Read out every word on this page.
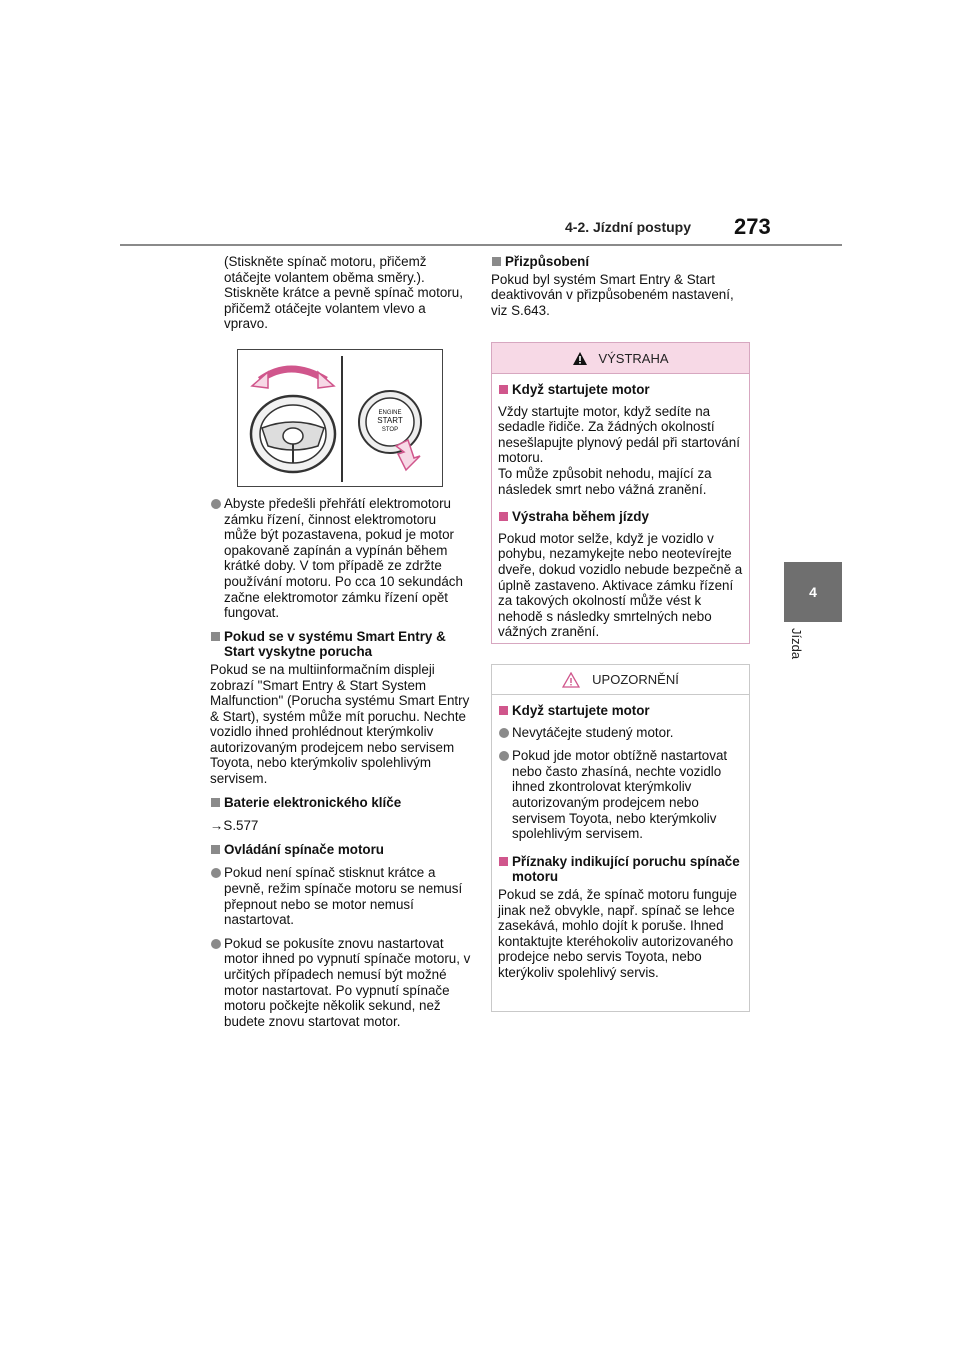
4-2. Jízdní postupy 273
4
Jízda
(Stiskněte spínač motoru, přičemž otáčejte volantem oběma směry.). Stiskněte krátce a pevně spínač motoru, přičemž otáčejte volantem vlevo a vpravo.
ENGINE
START
STOP
Abyste předešli přehřátí elektromotoru zámku řízení, činnost elektromotoru může být pozastavena, pokud je motor opakovaně zapínán a vypínán během krátké doby. V tom případě ze zdržte používání motoru. Po cca 10 sekundách začne elektromotor zámku řízení opět fungovat.
Pokud se v systému Smart Entry & Start vyskytne porucha
Pokud se na multiinformačním displeji zobrazí "Smart Entry & Start System Malfunction" (Porucha systému Smart Entry & Start), systém může mít poruchu. Nechte vozidlo ihned prohlédnout kterýmkoliv autorizovaným prodejcem nebo servisem Toyota, nebo kterýmkoliv spolehlivým servisem.
Baterie elektronického klíče
→S.577
Ovládání spínače motoru
Pokud není spínač stisknut krátce a pevně, režim spínače motoru se nemusí přepnout nebo se motor nemusí nastartovat.
Pokud se pokusíte znovu nastartovat motor ihned po vypnutí spínače motoru, v určitých případech nemusí být možné motor nastartovat. Po vypnutí spínače motoru počkejte několik sekund, než budete znovu startovat motor.
Přizpůsobení
Pokud byl systém Smart Entry & Start deaktivován v přizpůsobeném nastavení, viz S.643.
VÝSTRAHA
Když startujete motor
Vždy startujte motor, když sedíte na sedadle řidiče. Za žádných okolností nesešlapujte plynový pedál při startování motoru.
To může způsobit nehodu, mající za následek smrt nebo vážná zranění.
Výstraha během jízdy
Pokud motor selže, když je vozidlo v pohybu, nezamykejte nebo neotevírejte dveře, dokud vozidlo nebude bezpečně a úplně zastaveno. Aktivace zámku řízení za takových okolností může vést k nehodě s následky smrtelných nebo vážných zranění.
UPOZORNĚNÍ
Když startujete motor
Nevytáčejte studený motor.
Pokud jde motor obtížně nastartovat nebo často zhasíná, nechte vozidlo ihned zkontrolovat kterýmkoliv autorizovaným prodejcem nebo servisem Toyota, nebo kterýmkoliv spolehlivým servisem.
Příznaky indikující poruchu spínače motoru
Pokud se zdá, že spínač motoru funguje jinak než obvykle, např. spínač se lehce zasekává, mohlo dojít k poruše. Ihned kontaktujte kteréhokoliv autorizovaného prodejce nebo servis Toyota, nebo kterýkoliv spolehlivý servis.
